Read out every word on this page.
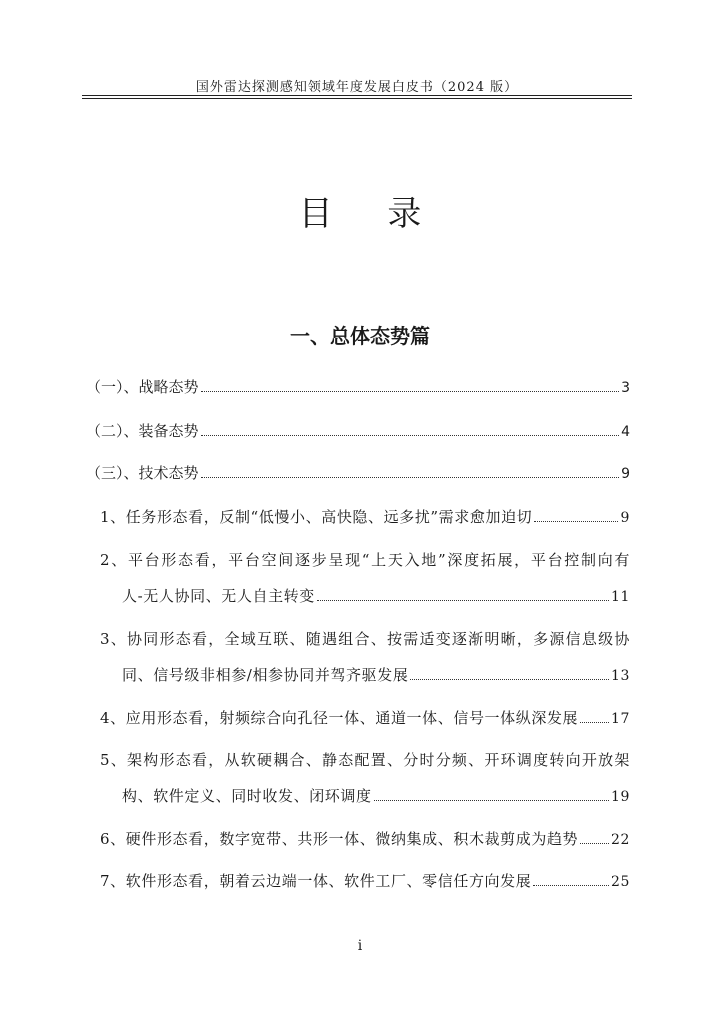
国外雷达探测感知领域年度发展白皮书（2024 版）
目 录
一、总体态势篇
（一）、战略态势	3
（二）、装备态势	4
（三）、技术态势	9
1、任务形态看，反制“低慢小、高快隐、远多扰”需求愈加迫切	9
2、平台形态看，平台空间逐步呈现“上天入地”深度拓展，平台控制向有
人-无人协同、无人自主转变	11
3、协同形态看，全域互联、随遇组合、按需适变逐渐明晰，多源信息级协
同、信号级非相参/相参协同并驾齐驱发展	13
4、应用形态看，射频综合向孔径一体、通道一体、信号一体纵深发展 17
5、架构形态看，从软硬耦合、静态配置、分时分频、开环调度转向开放架
构、软件定义、同时收发、闭环调度	19
6、硬件形态看，数字宽带、共形一体、微纳集成、积木裁剪成为趋势 22
7、软件形态看，朝着云边端一体、软件工厂、零信任方向发展	25
i
